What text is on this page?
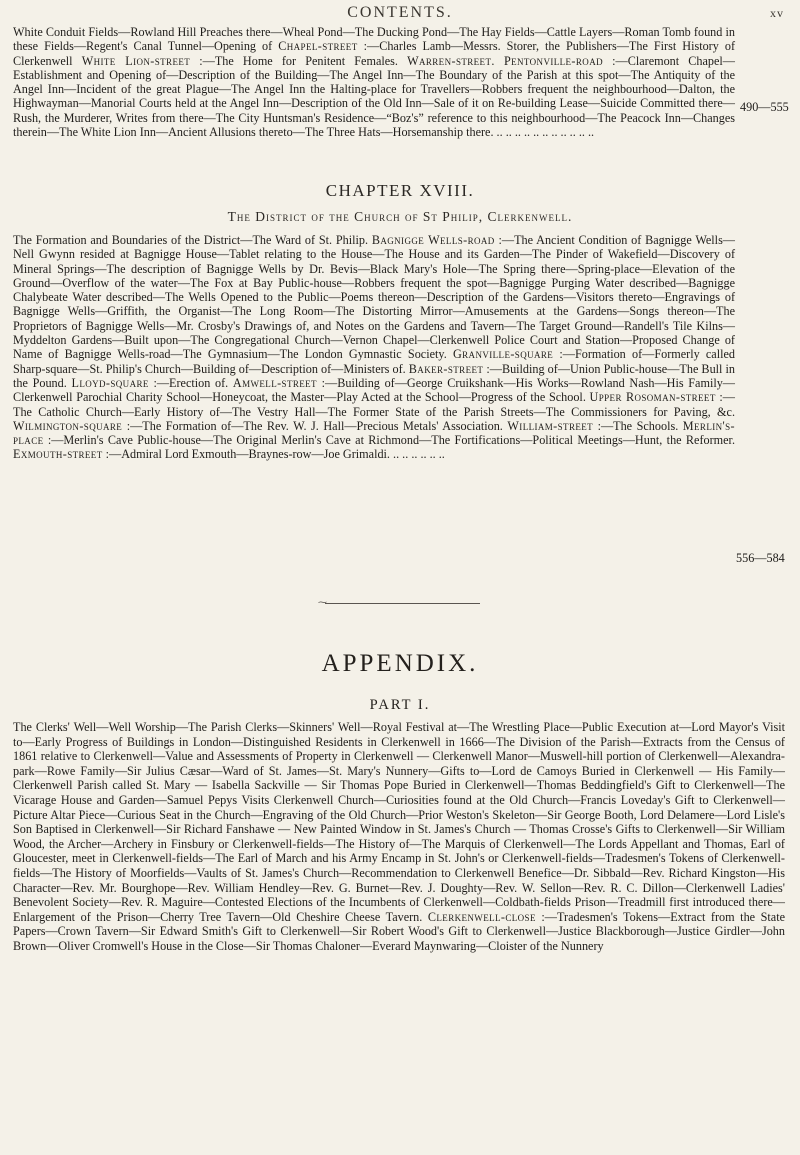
CONTENTS.	xv
White Conduit Fields—Rowland Hill Preaches there—Wheal Pond—The Ducking Pond—The Hay Fields—Cattle Layers—Roman Tomb found in these Fields—Regent's Canal Tunnel—Opening of Chapel-street :—Charles Lamb—Messrs. Storer, the Publishers—The First History of Clerkenwell White Lion-street :—The Home for Penitent Females. Warren-street. Pentonville-road :—Claremont Chapel—Establishment and Opening of—Description of the Building—The Angel Inn—The Boundary of the Parish at this spot—The Antiquity of the Angel Inn—Incident of the great Plague—The Angel Inn the Halting-place for Travellers—Robbers frequent the neighbourhood—Dalton, the Highwayman—Manorial Courts held at the Angel Inn—Description of the Old Inn—Sale of it on Re-building Lease—Suicide Committed there—Rush, the Murderer, Writes from there—The City Huntsman's Residence—“Boz's” reference to this neighbourhood—The Peacock Inn—Changes therein—The White Lion Inn—Ancient Allusions thereto—The Three Hats—Horsemanship there. .. .. .. .. .. .. .. .. .. .. ..
490—555
CHAPTER XVIII.
The District of the Church of St Philip, Clerkenwell.
The Formation and Boundaries of the District—The Ward of St. Philip. Bagnigge Wells-road :—The Ancient Condition of Bagnigge Wells—Nell Gwynn resided at Bagnigge House—Tablet relating to the House—The House and its Garden—The Pinder of Wakefield—Discovery of Mineral Springs—The description of Bagnigge Wells by Dr. Bevis—Black Mary's Hole—The Spring there—Spring-place—Elevation of the Ground—Overflow of the water—The Fox at Bay Public-house—Robbers frequent the spot—Bagnigge Purging Water described—Bagnigge Chalybeate Water described—The Wells Opened to the Public—Poems thereon—Description of the Gardens—Visitors thereto—Engravings of Bagnigge Wells—Griffith, the Organist—The Long Room—The Distorting Mirror—Amusements at the Gardens—Songs thereon—The Proprietors of Bagnigge Wells—Mr. Crosby's Drawings of, and Notes on the Gardens and Tavern—The Target Ground—Randell's Tile Kilns—Myddelton Gardens—Built upon—The Congregational Church—Vernon Chapel—Clerkenwell Police Court and Station—Proposed Change of Name of Bagnigge Wells-road—The Gymnasium—The London Gymnastic Society. Granville-square :—Formation of—Formerly called Sharp-square—St. Philip's Church—Building of—Description of—Ministers of. Baker-street :—Building of—Union Public-house—The Bull in the Pound. Lloyd-square :—Erection of. Amwell-street :—Building of—George Cruikshank—His Works—Rowland Nash—His Family—Clerkenwell Parochial Charity School—Honeycoat, the Master—Play Acted at the School—Progress of the School. Upper Rosoman-street :—The Catholic Church—Early History of—The Vestry Hall—The Former State of the Parish Streets—The Commissioners for Paving, &c. Wilmington-square :—The Formation of—The Rev. W. J. Hall—Precious Metals' Association. William-street :—The Schools. Merlin's-place :—Merlin's Cave Public-house—The Original Merlin's Cave at Richmond—The Fortifications—Political Meetings—Hunt, the Reformer. Exmouth-street :—Admiral Lord Exmouth—Braynes-row—Joe Grimaldi. .. .. .. .. .. ..
556—584
⁓
APPENDIX.
PART I.
The Clerks' Well—Well Worship—The Parish Clerks—Skinners' Well—Royal Festival at—The Wrestling Place—Public Execution at—Lord Mayor's Visit to—Early Progress of Buildings in London—Distinguished Residents in Clerkenwell in 1666—The Division of the Parish—Extracts from the Census of 1861 relative to Clerkenwell—Value and Assessments of Property in Clerkenwell — Clerkenwell Manor—Muswell-hill portion of Clerkenwell—Alexandra-park—Rowe Family—Sir Julius Cæsar—Ward of St. James—St. Mary's Nunnery—Gifts to—Lord de Camoys Buried in Clerkenwell — His Family—Clerkenwell Parish called St. Mary — Isabella Sackville — Sir Thomas Pope Buried in Clerkenwell—Thomas Beddingfield's Gift to Clerkenwell—The Vicarage House and Garden—Samuel Pepys Visits Clerkenwell Church—Curiosities found at the Old Church—Francis Loveday's Gift to Clerkenwell—Picture Altar Piece—Curious Seat in the Church—Engraving of the Old Church—Prior Weston's Skeleton—Sir George Booth, Lord Delamere—Lord Lisle's Son Baptised in Clerkenwell—Sir Richard Fanshawe — New Painted Window in St. James's Church — Thomas Crosse's Gifts to Clerkenwell—Sir William Wood, the Archer—Archery in Finsbury or Clerkenwell-fields—The History of—The Marquis of Clerkenwell—The Lords Appellant and Thomas, Earl of Gloucester, meet in Clerkenwell-fields—The Earl of March and his Army Encamp in St. John's or Clerkenwell-fields—Tradesmen's Tokens of Clerkenwell-fields—The History of Moorfields—Vaults of St. James's Church—Recommendation to Clerkenwell Benefice—Dr. Sibbald—Rev. Richard Kingston—His Character—Rev. Mr. Bourghope—Rev. William Hendley—Rev. G. Burnet—Rev. J. Doughty—Rev. W. Sellon—Rev. R. C. Dillon—Clerkenwell Ladies' Benevolent Society—Rev. R. Maguire—Contested Elections of the Incumbents of Clerkenwell—Coldbath-fields Prison—Treadmill first introduced there—Enlargement of the Prison—Cherry Tree Tavern—Old Cheshire Cheese Tavern. Clerkenwell-close :—Tradesmen's Tokens—Extract from the State Papers—Crown Tavern—Sir Edward Smith's Gift to Clerkenwell—Sir Robert Wood's Gift to Clerkenwell—Justice Blackborough—Justice Girdler—John Brown—Oliver Cromwell's House in the Close—Sir Thomas Chaloner—Everard Maynwaring—Cloister of the Nunnery
